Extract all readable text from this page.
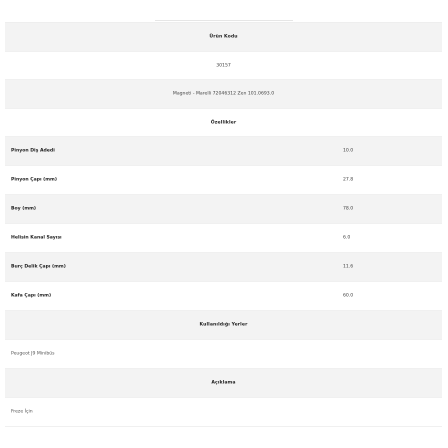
Ürün Kodu
30157
Magneti - Marelli 72046312 Zen 101.0693.0
Özellikler
Pinyon Diş Adedi	10.0
Pinyon Çapı (mm)	27.8
Boy (mm)	78.0
Helisin Kanal Sayısı	6.0
Burç Delik Çapı (mm)	11.6
Kafa Çapı (mm)	60.0
Kullanıldığı Yerler
Peugeot J9 Minibüs
Açıklama
Freze İçin
